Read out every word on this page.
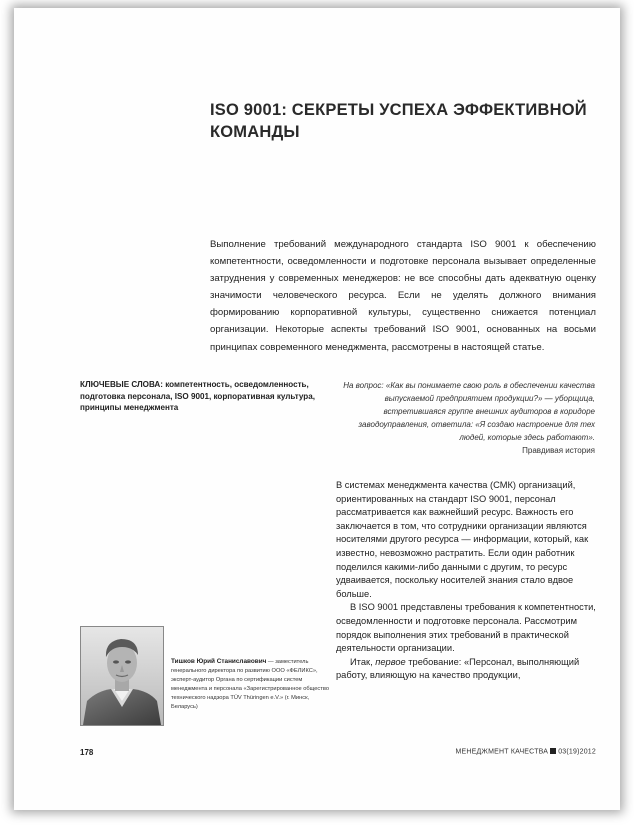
ISO 9001: СЕКРЕТЫ УСПЕХА ЭФФЕКТИВНОЙ КОМАНДЫ
Выполнение требований международного стандарта ISO 9001 к обеспечению компетентности, осведомленности и подготовке персонала вызывает определенные затруднения у современных менеджеров: не все способны дать адекватную оценку значимости человеческого ресурса. Если не уделять должного внимания формированию корпоративной культуры, существенно снижается потенциал организации. Некоторые аспекты требований ISO 9001, основанных на восьми принципах современного менеджмента, рассмотрены в настоящей статье.
КЛЮЧЕВЫЕ СЛОВА: компетентность, осведомленность, подготовка персонала, ISO 9001, корпоративная культура, принципы менеджмента
На вопрос: «Как вы понимаете свою роль в обеспечении качества выпускаемой предприятием продукции?» — уборщица, встретившаяся группе внешних аудиторов в коридоре заводоуправления, ответила: «Я создаю настроение для тех людей, которые здесь работают».
Правдивая история

В системах менеджмента качества (СМК) организаций, ориентированных на стандарт ISO 9001, персонал рассматривается как важнейший ресурс. Важность его заключается в том, что сотрудники организации являются носителями другого ресурса — информации, который, как известно, невозможно растратить. Если один работник поделился какими-либо данными с другим, то ресурс удваивается, поскольку носителей знания стало вдвое больше.

В ISO 9001 представлены требования к компетентности, осведомленности и подготовке персонала. Рассмотрим порядок выполнения этих требований в практической деятельности организации.

Итак, первое требование: «Персонал, выполняющий работу, влияющую на качество продукции,

Тишков Юрий Станиславович — заместитель генерального директора по развитию ООО «ФЕЛИКС», эксперт-аудитор Органа по сертификации систем менеджмента и персонала «Зарегистрированное общество технического надзора TÜV Thüringen e.V.» (г. Минск, Беларусь)
178	МЕНЕДЖМЕНТ КАЧЕСТВА 03(19)2012
